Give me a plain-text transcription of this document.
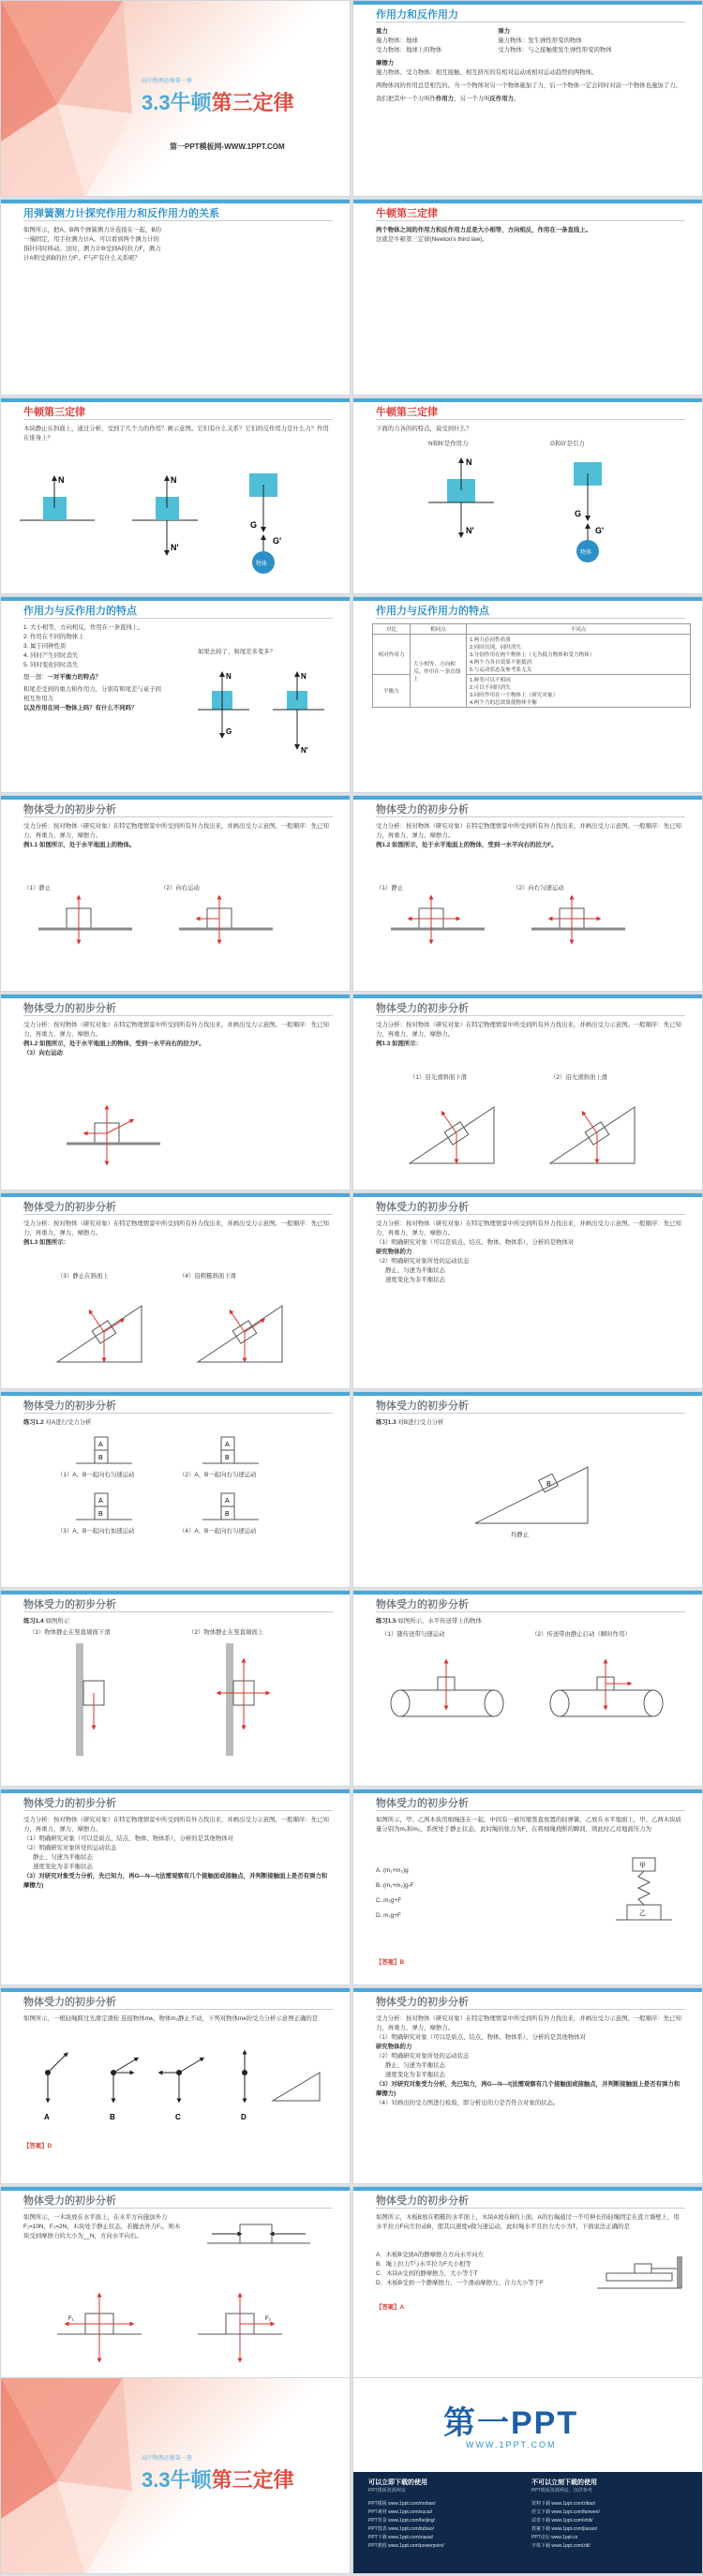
高中物理必修第一册
3.3牛顿第三定律
第一PPT模板网-WWW.1PPT.COM
作用力和反作用力
重力
施力物体：地球
受力物体：地球上的物体
弹力
施力物体：发生弹性形变的物体
受力物体：与之接触使发生弹性形变的物体
摩擦力
施力物体、受力物体：相互接触、相互挤压的有相对运动或相对运动趋势的两物体。
两物体间的作用总是相互的。当一个物体对另一个物体施加了力，后一个物体一定会同时对前一个物体也施加了力。
我们把其中一个力叫作作用力，另一个力叫反作用力。
用弹簧测力计探究作用力和反作用力的关系
如图所示，把A、B两个弹簧测力计连接在一起，B的一端固定，用手拉测力计A。可以看到两个测力计的指针同时移动。这时，测力计B受到A的拉力F，测力计A则受到B的拉力F′。F与F′有什么关系呢？
牛顿第三定律
两个物体之间的作用力和反作用力总是大小相等，方向相反，作用在一条直线上。
这就是牛顿第三定律(Newton's third law)。
牛顿第三定律
木块静止在斜面上，通过分析，受到了几个力的作用？画示意图。它们有什么关系？它们的反作用力是什么力？作用在谁身上？
N	N
N'
G
物体
G'
牛顿第三定律
下面的力各的的特点，说受到什么？
N和N′是作用力	G和G′是引力
N
N'
G
物体
G'
作用力与反作用力的特点
1. 大小相等，方向相反，作用在一条直线上。
2. 作用在不同的物体上
3. 属于同种性质
4. 同时产生同时消失
5. 同时变化同时消失
想一想：一对平衡力的特点？
和尾差受到的重力和作用力，分别有和尾差与桌子间相互作用力
以及作用在同一物体上吗？有什么不同吗？
如果去掉了，和尾差多变多？
N
G
N
N'
作用力与反作用力的特点
对比	相同点	不同点
相对作用力	大小相等，方向相反，作用在一条直线上	1.两力必同性质质
2.同时出现，同时消失
3.分别作用在两个物体上（无为抵力物体和受力物体）
4.两个力各自效果不能抵消
5.与运动状态及参考系无关

平衡力		1.种类可以不相同
2.可以不同时消失
3.同时作用在一个物体上（研究对象）
4.两个力的总效果使物体平衡
物体受力的初步分析
受力分析：按对物体（研究对象）在特定物理情景中所受到所有外力找出来，并画出受力示意图。一般顺序：先已知力，再重力，弹力，摩擦力。
例1.1 如图所示，处于水平地面上的物体。
（1）静止	（2）向右运动
物体受力的初步分析
受力分析：按对物体（研究对象）在特定物理情景中所受到所有外力找出来，并画出受力示意图。一般顺序：先已知力，再重力，弹力，摩擦力。
例1.2 如图所示，处于水平地面上的物体，受到一水平向右的拉力F。
（1）静止	（2）向右匀速运动
物体受力的初步分析
受力分析：按对物体（研究对象）在特定物理情景中所受到所有外力找出来，并画出受力示意图。一般顺序：先已知力，再重力，弹力，摩擦力。
例1.2 如图所示，处于水平地面上的物体，受到一水平向右的拉力F。
（3）向右运动
物体受力的初步分析
受力分析：按对物体（研究对象）在特定物理情景中所受到所有外力找出来，并画出受力示意图。一般顺序：先已知力，再重力，弹力，摩擦力。
例1.3 如图所示：
（1）沿光滑斜面下滑	（2）沿光滑斜面上滑
物体受力的初步分析
受力分析：按对物体（研究对象）在特定物理情景中所受到所有外力找出来，并画出受力示意图。一般顺序：先已知力，再重力，弹力，摩擦力。
例1.3 如图所示：
（3）静止在斜面上	（4）沿粗糙斜面下滑
物体受力的初步分析
受力分析：按对物体（研究对象）在特定物理情景中所受到所有外力找出来，并画出受力示意图。一般顺序：先已知力，再重力，弹力，摩擦力。
（1）明确研究对象（可以是质点、结点、物体、物体系），分析的是物体对
研究物体的力
（2）明确研究对象所处的运动状态
静止、匀速为平衡状态
速度变化为非平衡状态
物体受力的初步分析
练习1.2 对A进行受力分析
A
B
A
B
A
B
A
B
（1）A、B一起向右匀速运动	（2）A、B一起向右匀速运动
（3）A、B一起向右加速运动	（4）A、B一起向右匀速运动
物体受力的初步分析
练习1.3 对B进行受力分析
B
均静止
物体受力的初步分析
练习1.4 如图所示
（1）物体静止在竖直墙面下滑	（2）物体静止在竖直墙面上
物体受力的初步分析
练习1.5 如图所示，水平传送带上的物体
（1）随传送带匀速运动	（2）传送带由静止启动（瞬时作用）
物体受力的初步分析
受力分析：按对物体（研究对象）在特定物理情景中所受到所有外力找出来，并画出受力示意图。一般顺序：先已知力，再重力，弹力，摩擦力。
（1）明确研究对象（可以是质点、结点、物体、物体系），分析的是其他物体对
（2）明确研究对象所处的运动状态
静止、匀速为平衡状态
速度变化为非平衡状态
（3）对研究对象受力分析，先已知力，再G—N—f(法需观察有几个接触面或接触点，并判断接触面上是否有弹力和摩擦力)
物体受力的初步分析
如图所示，甲、乙两木块用细绳连在一起，中间有一被压缩竖直放置的轻弹簧，乙放在水平地面上，甲、乙两木块质量分别为m₁和m₂，系统处于静止状态，此时绳的张力为F，在将细绳烧断的瞬间，则此时乙对地面压力为
A. (m₁+m₂)g
B. (m₁+m₂)g-F
C. m₂g+F
D. m₁g+F
甲
乙
【答案】B
物体受力的初步分析
如图所示，一根轻绳跨过光滑定滑轮 连接物体mᴀ，物体m₂静止不动，下列对物体mᴀ的受力分析示意图正确的是
A	B	C	D
【答案】D
物体受力的初步分析
受力分析：按对物体（研究对象）在特定物理情景中所受到所有外力找出来，并画出受力示意图。一般顺序：先已知力，再重力，弹力，摩擦力。
（1）明确研究对象（可以是质点、结点、物体、物体系），分析的是其他物体对
研究物体的力
（2）明确研究对象所处的运动状态
静止、匀速为平衡状态
速度变化为非平衡状态
（3）对研究对象受力分析，先已知力，再G—N—f(法需观察有几个接触面或接触点，并判断接触面上是否有弹力和摩擦力)
（4）对画出的受力图进行检验，即分析出的力是否符合对象的状态。
物体受力的初步分析
如图所示，一木块放在水平面上，在水平方向施加外力F₁=10N，F₂=2N，木块处于静止状态，若撤去外力F₁，则木块受到摩擦力的大小为__N，方向水平向右。
F₁	F₂
物体受力的初步分析
如图所示，木板B放在粗糙的水平面上，木块A放在B的上面，A的右端通过一不可伸长的轻绳固定在直立墙壁上，用水平拉力F向左拉动B，使其以速度v做匀速运动，此时绳水平且拉力大小为T，下面说法正确的是
A．木板B受到A的静摩擦力方向水平向左
B．绳上拉力T与水平拉力F大小相等
C．木块A受到的静摩擦力，大小等于T
D．木板B受到一个静摩擦力，一个滑动摩擦力，合力大小等于F
【答案】A
高中物理必修第一册
3.3牛顿第三定律
第一PPT
WWW.1PPT.COM
可以立即下载的使用
PPT模板资源网站
不可以立刻下载的使用
PPT模板资源网站，仅供参考
PPT模板 www.1ppt.com/moban/
PPT素材 www.1ppt.com/sucai/
PPT背景 www.1ppt.com/beijing/
PPT图表 www.1ppt.com/tubiao/
PPT下载 www.1ppt.com/xiazai/
PPT教程 www.1ppt.com/powerpoint/
资料下载 www.1ppt.com/ziliao/
范文下载 www.1ppt.com/fanwen/
试卷下载 www.1ppt.com/shiti/
教案下载 www.1ppt.com/jiaoan/
PPT论坛 www.1ppt.cn
字体下载 www.1ppt.com/ziti/
